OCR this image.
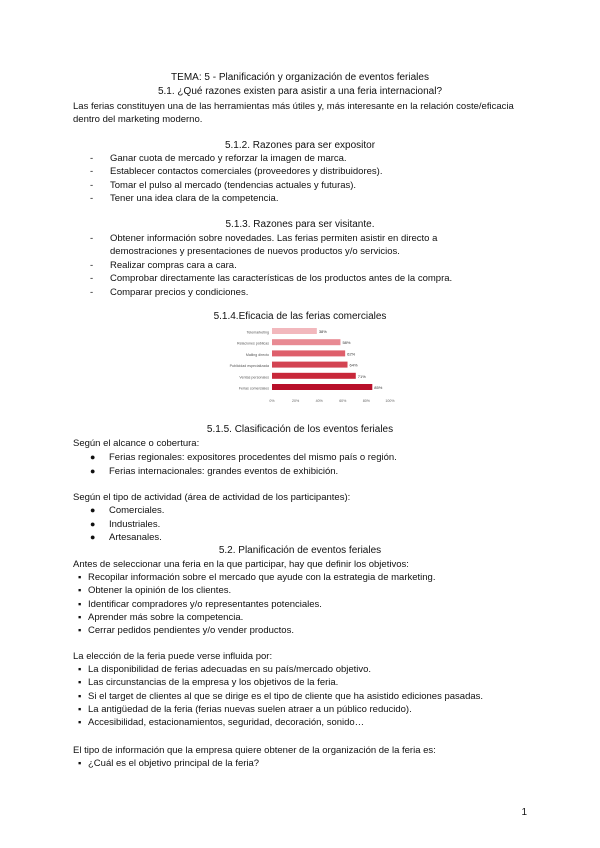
TEMA: 5 - Planificación y organización de eventos feriales
5.1. ¿Qué razones existen para asistir a una feria internacional?
Las ferias constituyen una de las herramientas más útiles y, más interesante en la relación coste/eficacia dentro del marketing moderno.
5.1.2. Razones para ser expositor
- Ganar cuota de mercado y reforzar la imagen de marca.
- Establecer contactos comerciales (proveedores y distribuidores).
- Tomar el pulso al mercado (tendencias actuales y futuras).
- Tener una idea clara de la competencia.
5.1.3. Razones para ser visitante.
- Obtener información sobre novedades. Las ferias permiten asistir en directo a demostraciones y presentaciones de nuevos productos y/o servicios.
- Realizar compras cara a cara.
- Comprobar directamente las características de los productos antes de la compra.
- Comparar precios y condiciones.
5.1.4.Eficacia de las ferias comerciales
Telemarketing	38%
Relaciones públicas	58%
Mailing directo	62%
Publicidad especializada	64%
Ventas personales	71%
Ferias comerciales	85%
0%	20%	40%	60%	80%	100%
5.1.5. Clasificación de los eventos feriales
Según el alcance o cobertura:
● Ferias regionales: expositores procedentes del mismo país o región.
● Ferias internacionales: grandes eventos de exhibición.
Según el tipo de actividad (área de actividad de los participantes):
● Comerciales.
● Industriales.
● Artesanales.
5.2. Planificación de eventos feriales
Antes de seleccionar una feria en la que participar, hay que definir los objetivos:
▪ Recopilar información sobre el mercado que ayude con la estrategia de marketing.
▪ Obtener la opinión de los clientes.
▪ Identificar compradores y/o representantes potenciales.
▪ Aprender más sobre la competencia.
▪ Cerrar pedidos pendientes y/o vender productos.
La elección de la feria puede verse influida por:
▪ La disponibilidad de ferias adecuadas en su país/mercado objetivo.
▪ Las circunstancias de la empresa y los objetivos de la feria.
▪ Si el target de clientes al que se dirige es el tipo de cliente que ha asistido ediciones pasadas.
▪ La antigüedad de la feria (ferias nuevas suelen atraer a un público reducido).
▪ Accesibilidad, estacionamientos, seguridad, decoración, sonido…
El tipo de información que la empresa quiere obtener de la organización de la feria es:
▪ ¿Cuál es el objetivo principal de la feria?
1
